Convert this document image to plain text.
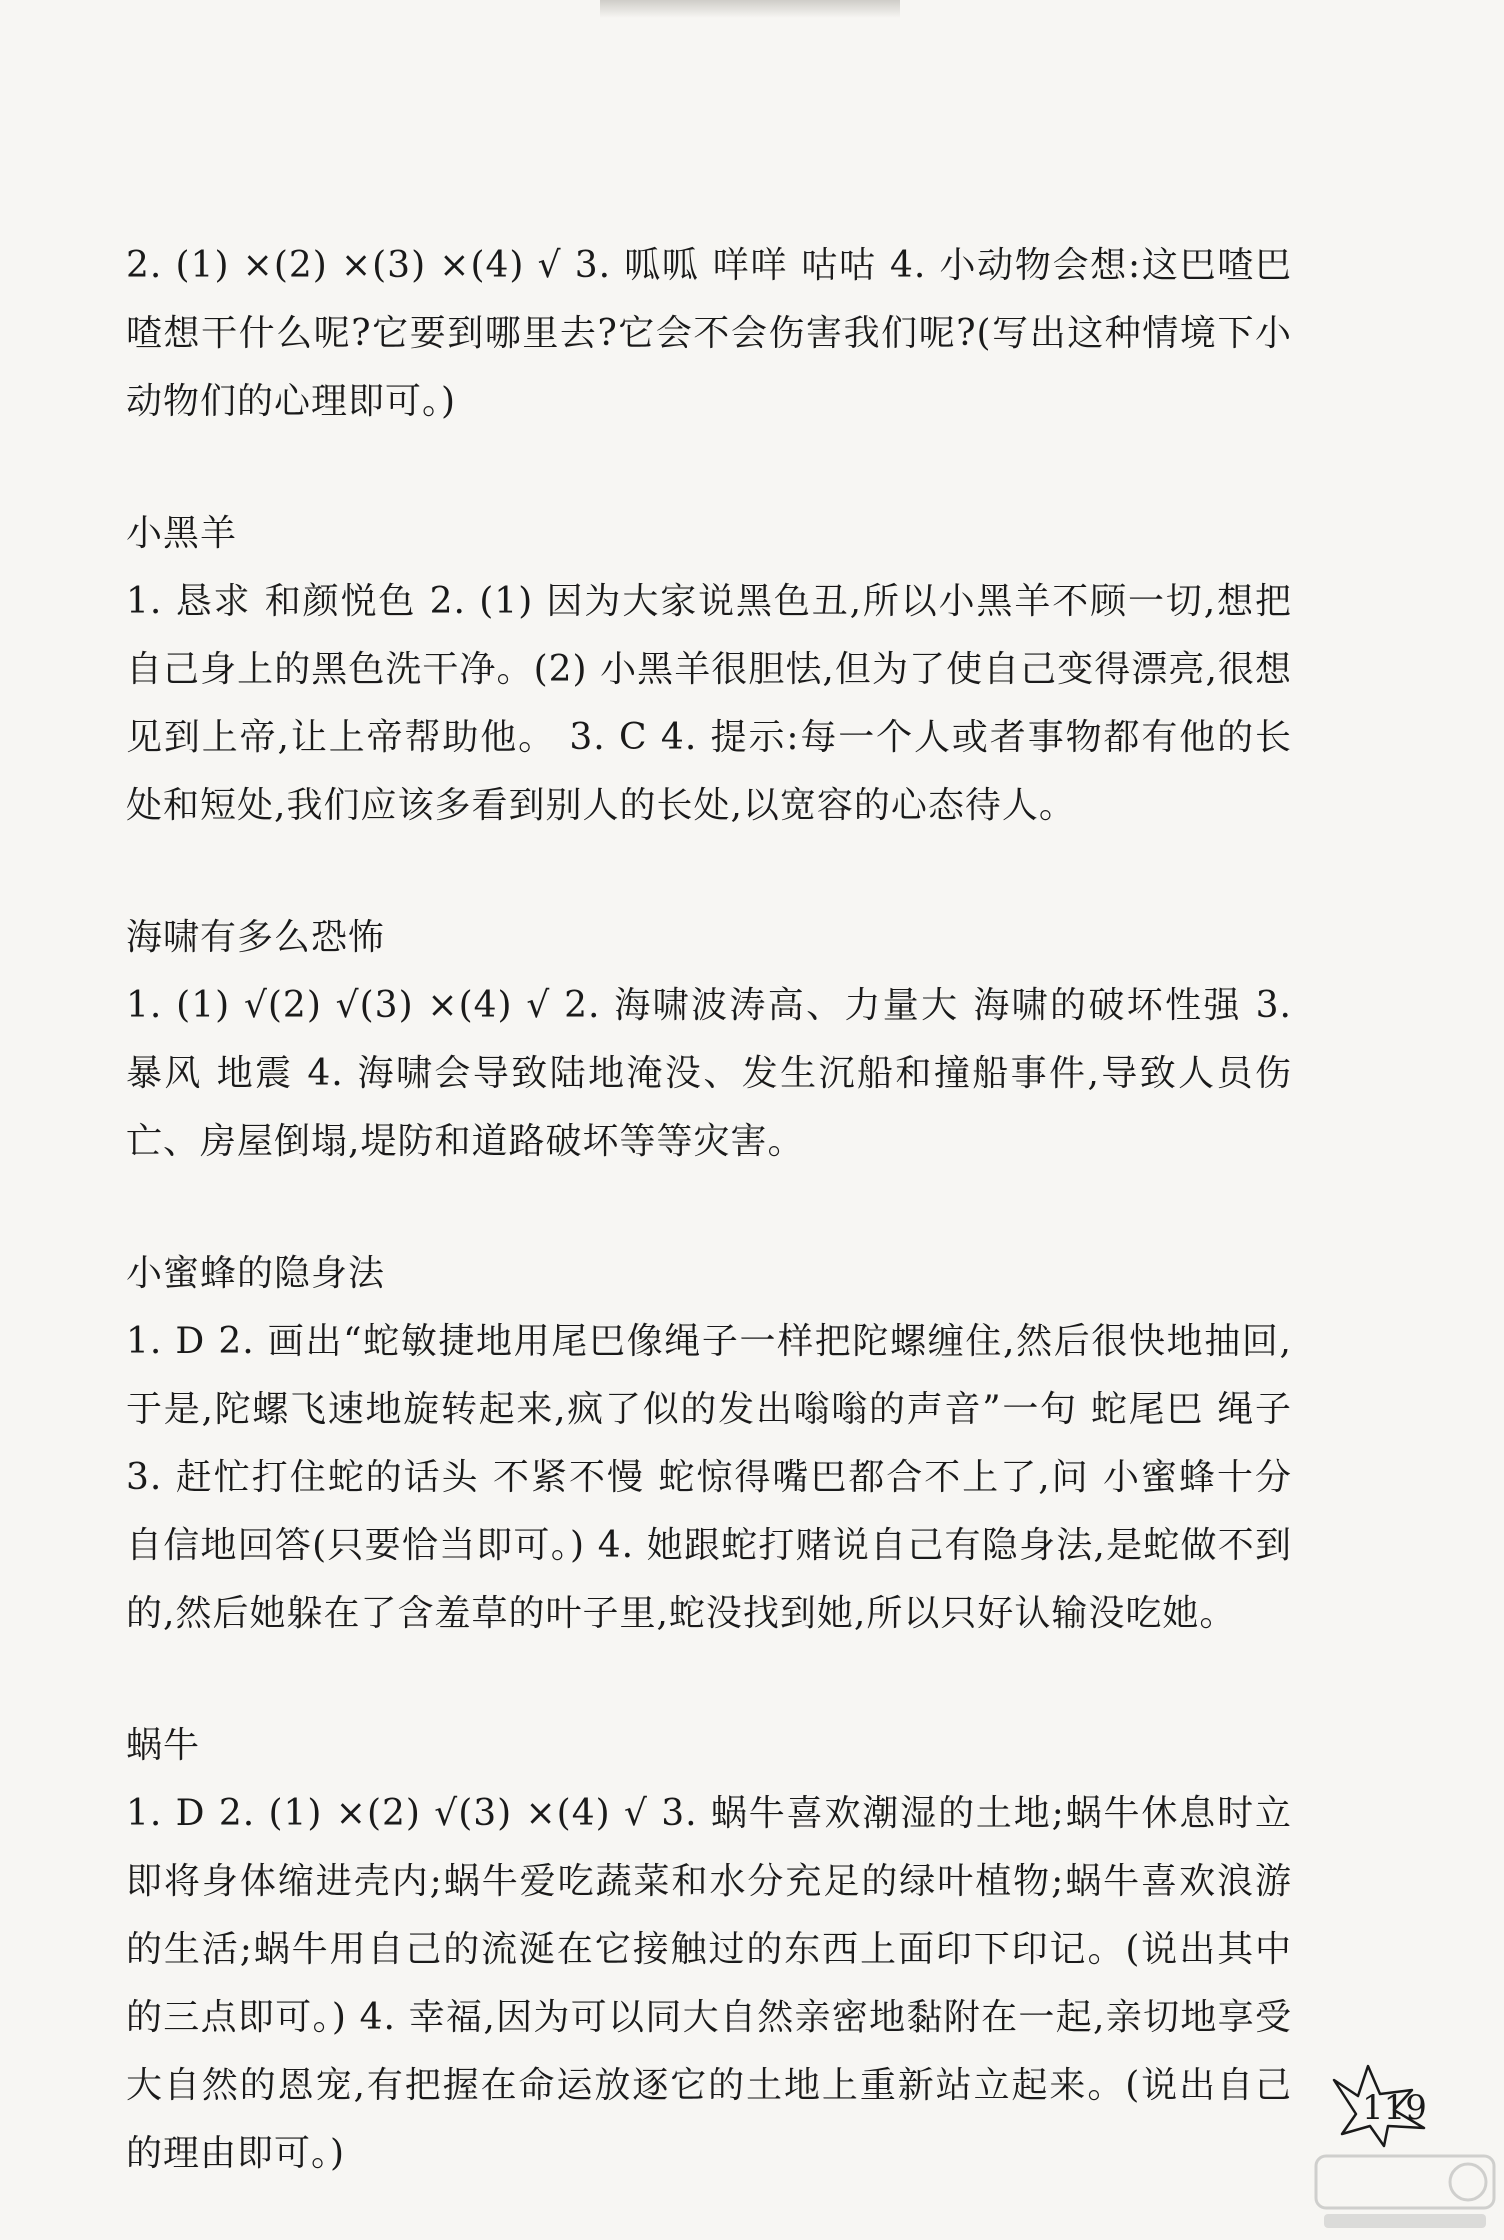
2. (1) ×(2) ×(3) ×(4) √ 3. 呱呱 咩咩 咕咕 4. 小动物会想:这巴喳巴喳想干什么呢?它要到哪里去?它会不会伤害我们呢?(写出这种情境下小动物们的心理即可。)

小黑羊

1. 恳求 和颜悦色 2. (1) 因为大家说黑色丑,所以小黑羊不顾一切,想把自己身上的黑色洗干净。(2) 小黑羊很胆怯,但为了使自己变得漂亮,很想见到上帝,让上帝帮助他。 3. C 4. 提示:每一个人或者事物都有他的长处和短处,我们应该多看到别人的长处,以宽容的心态待人。

海啸有多么恐怖

1. (1) √(2) √(3) ×(4) √ 2. 海啸波涛高、力量大 海啸的破坏性强 3. 暴风 地震 4. 海啸会导致陆地淹没、发生沉船和撞船事件,导致人员伤亡、房屋倒塌,堤防和道路破坏等等灾害。

小蜜蜂的隐身法

1. D 2. 画出“蛇敏捷地用尾巴像绳子一样把陀螺缠住,然后很快地抽回,于是,陀螺飞速地旋转起来,疯了似的发出嗡嗡的声音”一句 蛇尾巴 绳子 3. 赶忙打住蛇的话头 不紧不慢 蛇惊得嘴巴都合不上了,问 小蜜蜂十分自信地回答(只要恰当即可。) 4. 她跟蛇打赌说自己有隐身法,是蛇做不到的,然后她躲在了含羞草的叶子里,蛇没找到她,所以只好认输没吃她。

蜗牛

1. D 2. (1) ×(2) √(3) ×(4) √ 3. 蜗牛喜欢潮湿的土地;蜗牛休息时立即将身体缩进壳内;蜗牛爱吃蔬菜和水分充足的绿叶植物;蜗牛喜欢浪游的生活;蜗牛用自己的流涎在它接触过的东西上面印下印记。(说出其中的三点即可。) 4. 幸福,因为可以同大自然亲密地黏附在一起,亲切地享受大自然的恩宠,有把握在命运放逐它的土地上重新站立起来。(说出自己的理由即可。)

119
